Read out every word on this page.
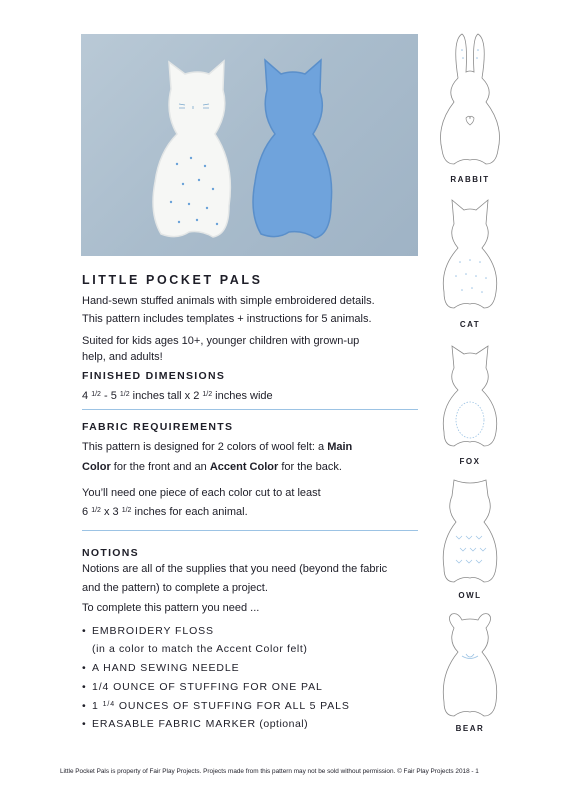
LITTLE POCKET PALS
Hand-sewn stuffed animals with simple embroidered details.
This pattern includes templates + instructions for 5 animals.
Suited for kids ages 10+, younger children with grown-up
help, and adults!
FINISHED DIMENSIONS
4 $^{1/2}$ - 5 $^{1/2}$ inches tall x 2 $^{1/2}$ inches wide
FABRIC REQUIREMENTS
This pattern is designed for 2 colors of wool felt: a Main
Color for the front and an Accent Color for the back.
You’ll need one piece of each color cut to at least
6 $^{1/2}$ x 3 $^{1/2}$ inches for each animal.
NOTIONS
Notions are all of the supplies that you need (beyond the fabric
and the pattern) to complete a project.
To complete this pattern you need ...
• EMBROIDERY FLOSS
(in a color to match the Accent Color felt)
• A HAND SEWING NEEDLE
• 1/4 OUNCE OF STUFFING FOR ONE PAL
• 1 $^{1/4}$ OUNCES OF STUFFING FOR ALL 5 PALS
• ERASABLE FABRIC MARKER (optional)
RABBIT
CAT
FOX
OWL
BEAR
Little Pocket Pals is property of Fair Play Projects. Projects made from this pattern may not be sold without permission. © Fair Play Projects 2018 - 1
